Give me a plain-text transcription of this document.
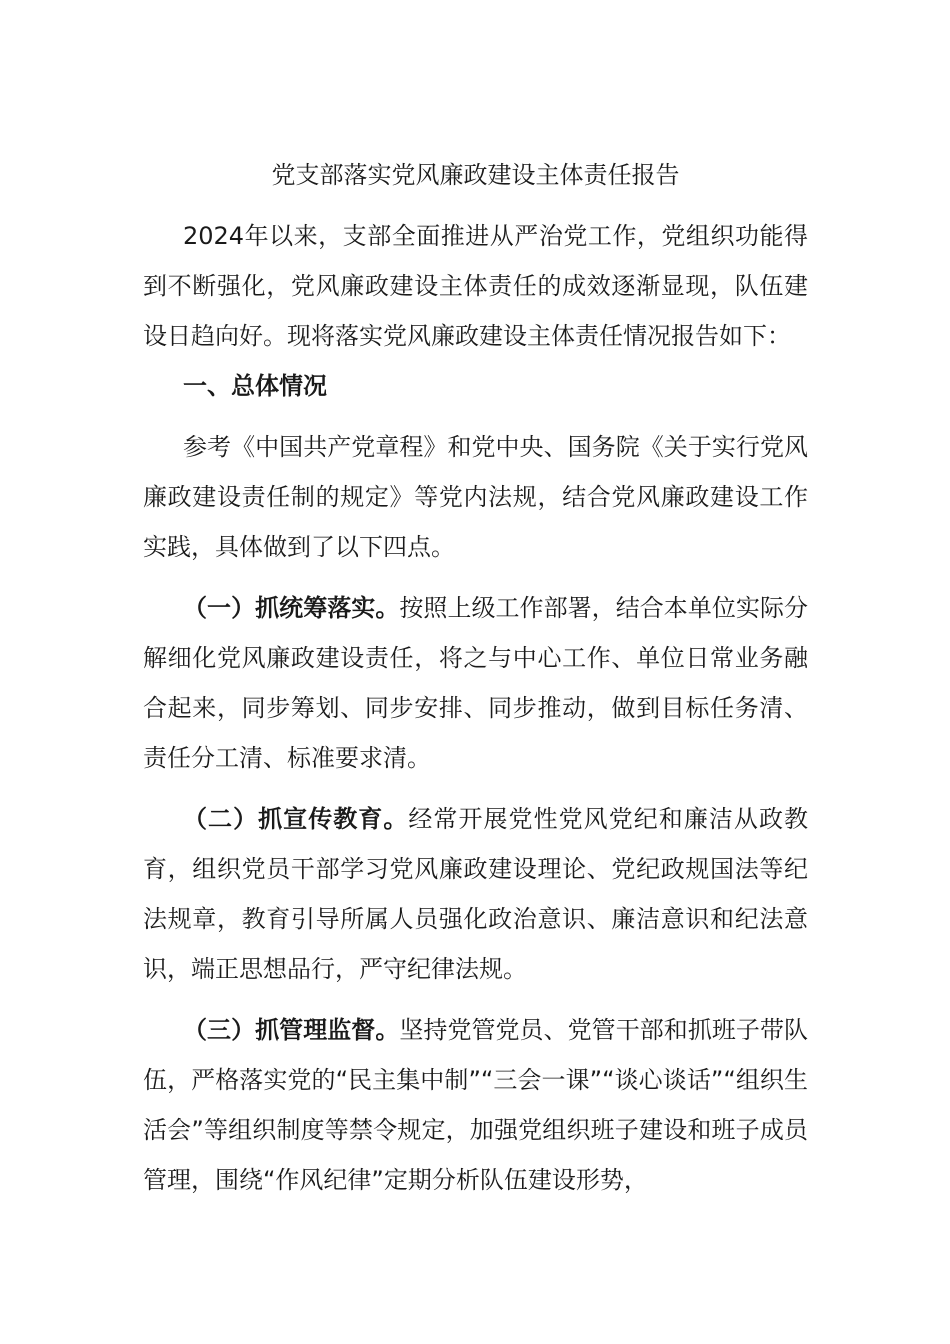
党支部落实党风廉政建设主体责任报告

2024年以来，支部全面推进从严治党工作，党组织功能得到不断强化，党风廉政建设主体责任的成效逐渐显现，队伍建设日趋向好。现将落实党风廉政建设主体责任情况报告如下：

一、总体情况

参考《中国共产党章程》和党中央、国务院《关于实行党风廉政建设责任制的规定》等党内法规，结合党风廉政建设工作实践，具体做到了以下四点。

（一）抓统筹落实。按照上级工作部署，结合本单位实际分解细化党风廉政建设责任，将之与中心工作、单位日常业务融合起来，同步筹划、同步安排、同步推动，做到目标任务清、责任分工清、标准要求清。

（二）抓宣传教育。经常开展党性党风党纪和廉洁从政教育，组织党员干部学习党风廉政建设理论、党纪政规国法等纪法规章，教育引导所属人员强化政治意识、廉洁意识和纪法意识，端正思想品行，严守纪律法规。

（三）抓管理监督。坚持党管党员、党管干部和抓班子带队伍，严格落实党的“民主集中制”“三会一课”“谈心谈话”“组织生活会”等组织制度等禁令规定，加强党组织班子建设和班子成员管理，围绕“作风纪律”定期分析队伍建设形势，
